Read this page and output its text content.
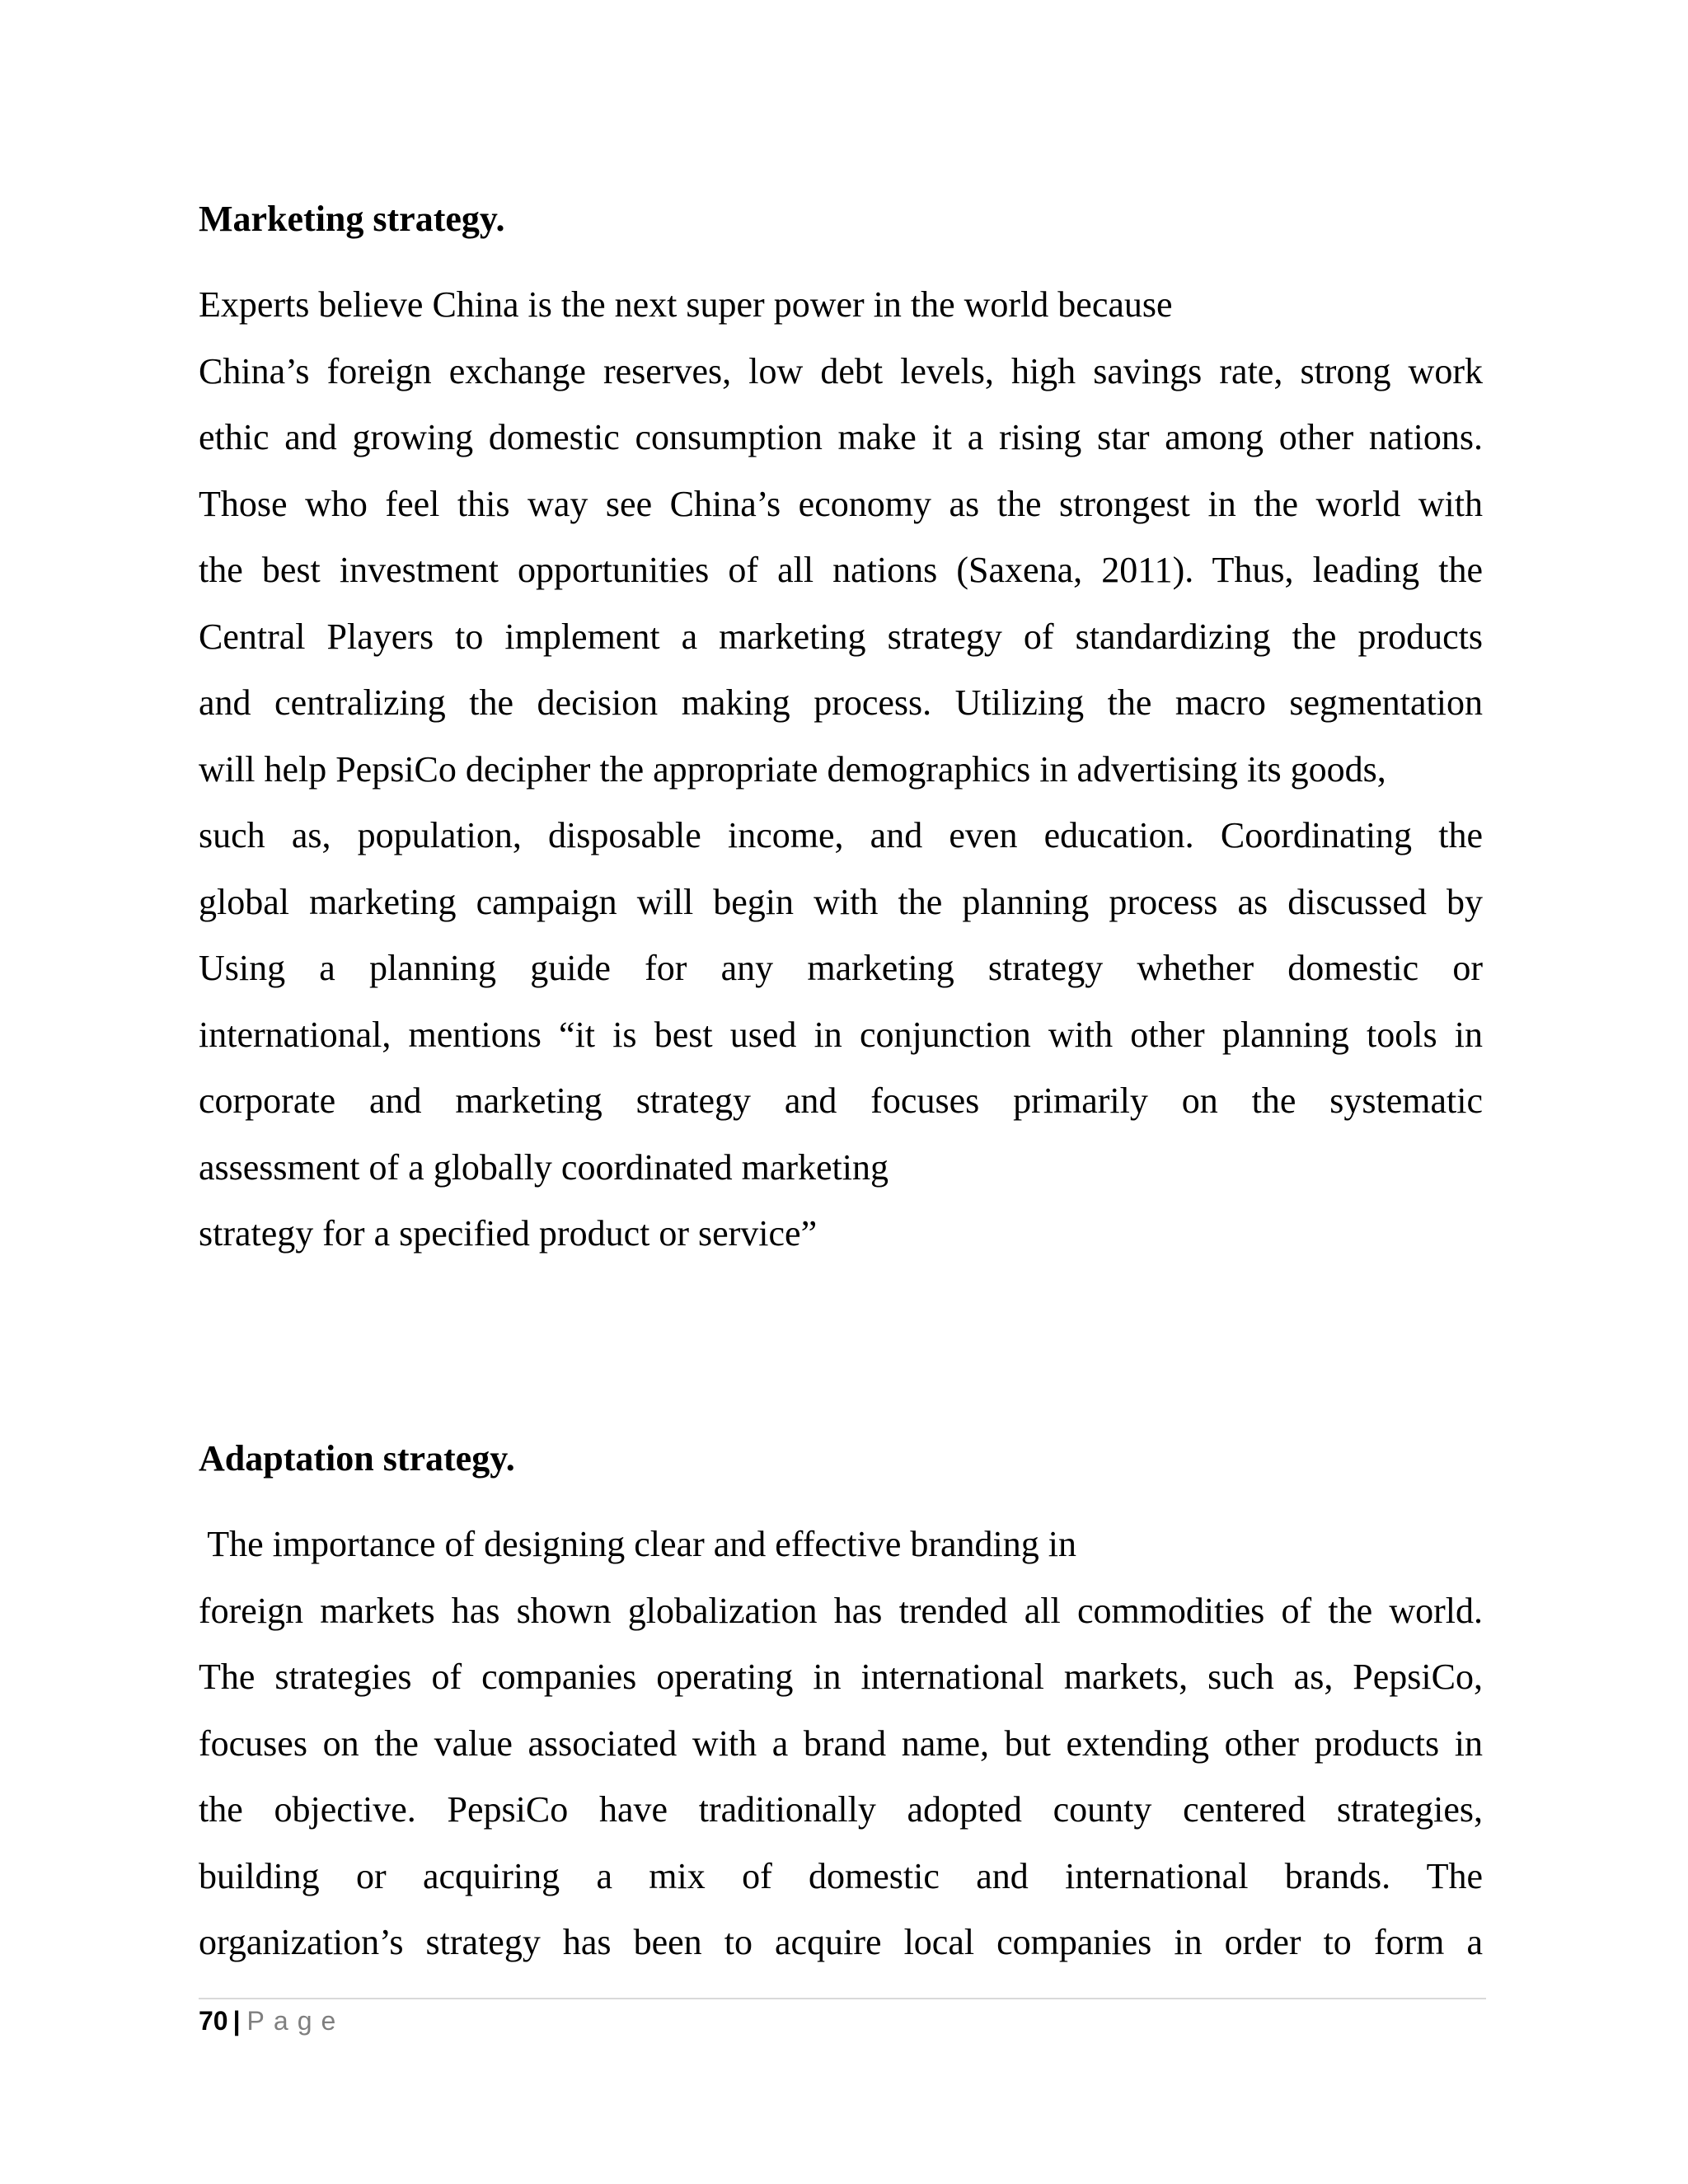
Marketing strategy.
Experts believe China is the next super power in the world because
China’s foreign exchange reserves, low debt levels, high savings rate, strong work
ethic and growing domestic consumption make it a rising star among other nations.
Those who feel this way see China’s economy as the strongest in the world with
the best investment opportunities of all nations (Saxena, 2011). Thus, leading the
Central Players to implement a marketing strategy of standardizing the products
and centralizing the decision making process. Utilizing the macro segmentation
will help PepsiCo decipher the appropriate demographics in advertising its goods,
such as, population, disposable income, and even education. Coordinating the
global marketing campaign will begin with the planning process as discussed by
Using a planning guide for any marketing strategy whether domestic or
international, mentions “it is best used in conjunction with other planning tools in
corporate and marketing strategy and focuses primarily on the systematic
assessment of a globally coordinated marketing
strategy for a specified product or service”
Adaptation strategy.
The importance of designing clear and effective branding in
foreign markets has shown globalization has trended all commodities of the world.
The strategies of companies operating in international markets, such as, PepsiCo,
focuses on the value associated with a brand name, but extending other products in
the objective. PepsiCo have traditionally adopted county centered strategies,
building or acquiring a mix of domestic and international brands. The
organization’s strategy has been to acquire local companies in order to form a
70 | Page
